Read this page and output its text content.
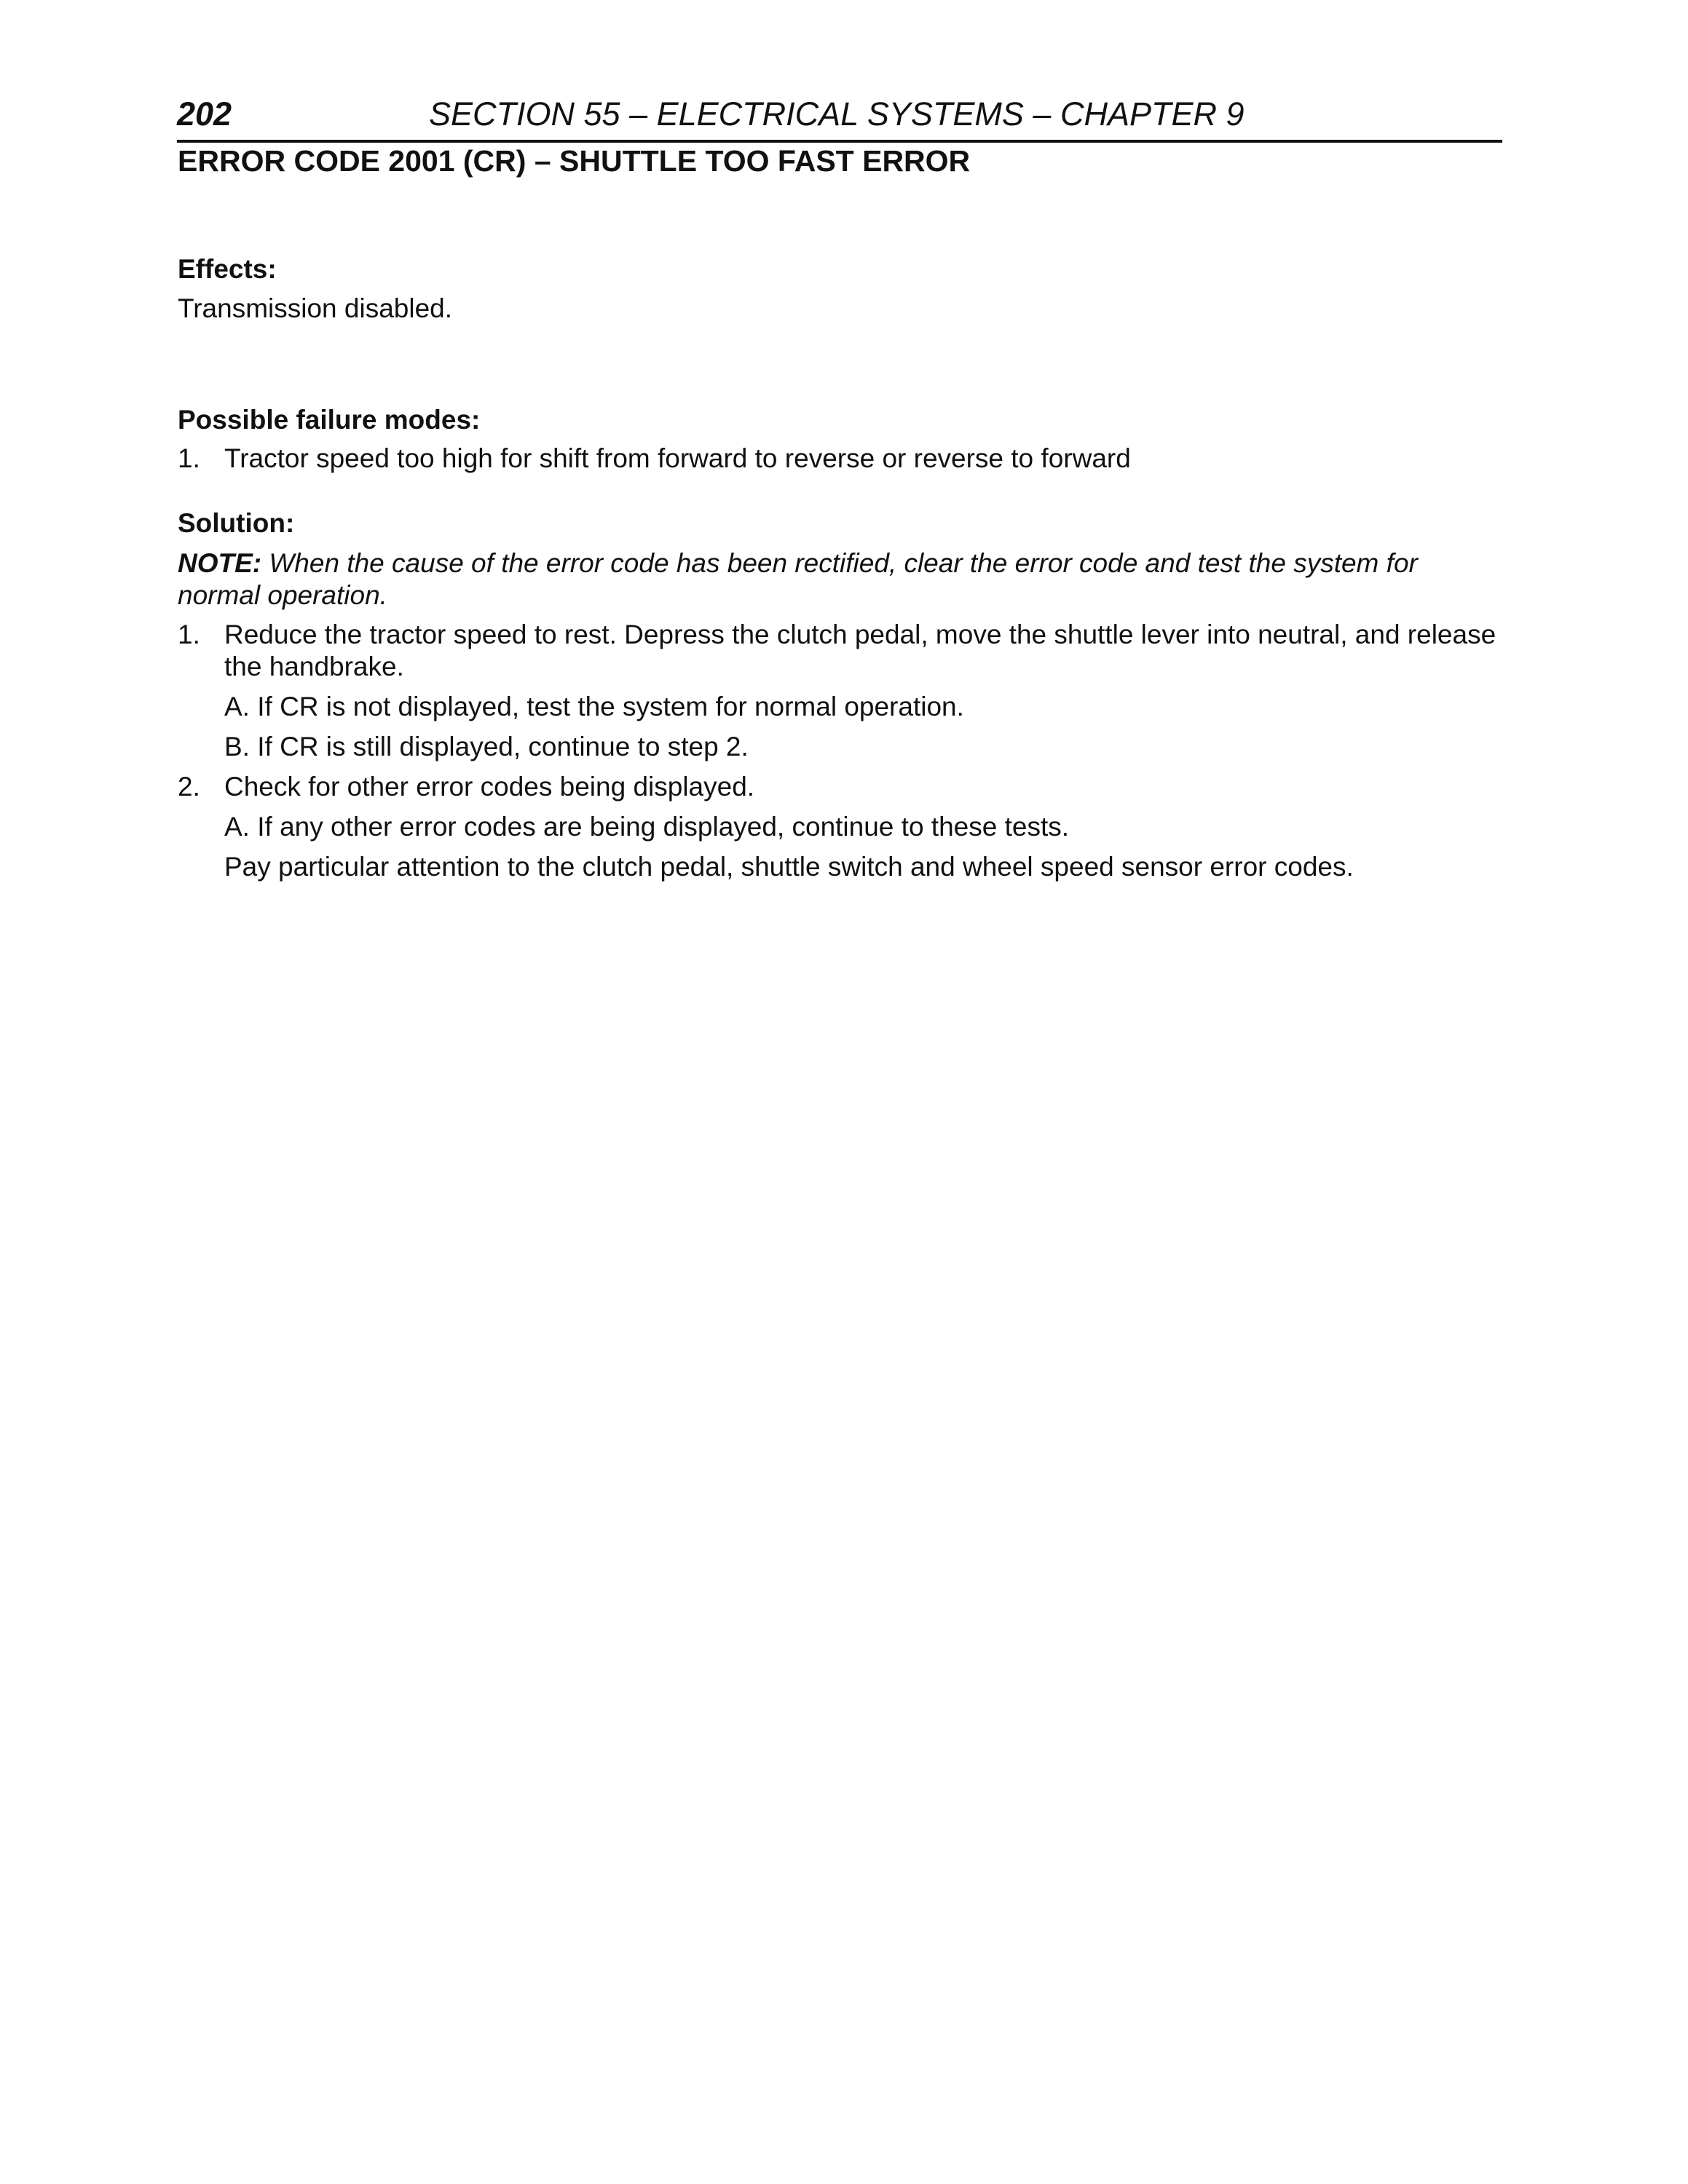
202	SECTION 55 – ELECTRICAL SYSTEMS – CHAPTER 9
ERROR CODE 2001 (CR) – SHUTTLE TOO FAST ERROR

Effects:

Transmission disabled.

Possible failure modes:

1. Tractor speed too high for shift from forward to reverse or reverse to forward

Solution:

NOTE: When the cause of the error code has been rectified, clear the error code and test the system for normal operation.

1. Reduce the tractor speed to rest. Depress the clutch pedal, move the shuttle lever into neutral, and release the handbrake.
A. If CR is not displayed, test the system for normal operation.
B. If CR is still displayed, continue to step 2.
2. Check for other error codes being displayed.
A. If any other error codes are being displayed, continue to these tests.
Pay particular attention to the clutch pedal, shuttle switch and wheel speed sensor error codes.
